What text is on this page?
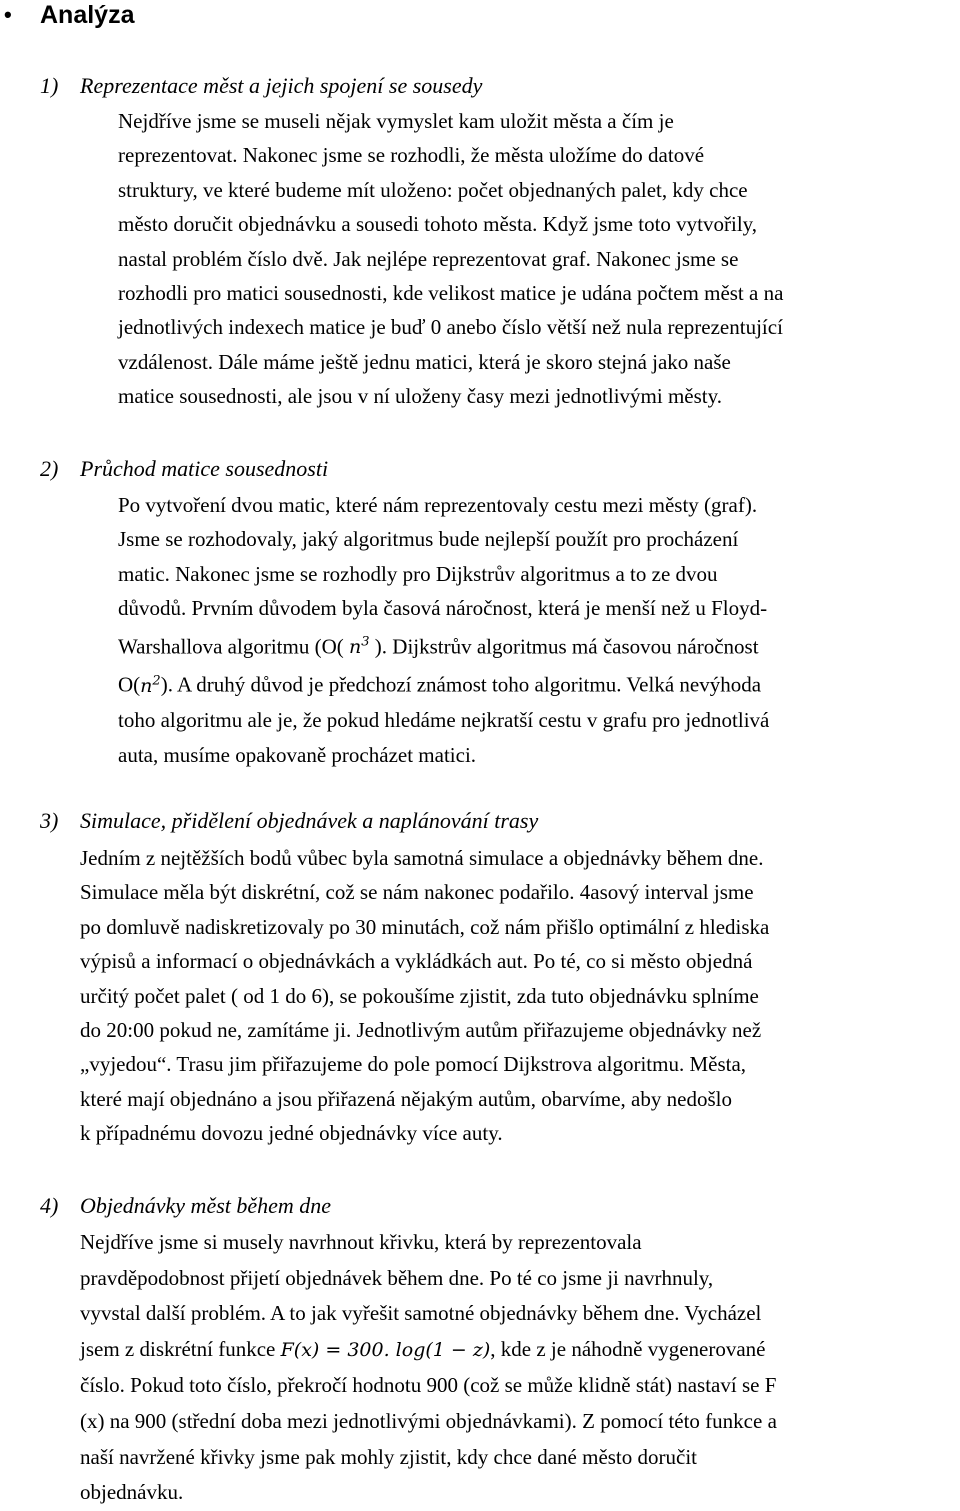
• Analýza
1) Reprezentace měst a jejich spojení se sousedy
Nejdříve jsme se museli nějak vymyslet kam uložit města a čím je
reprezentovat. Nakonec jsme se rozhodli, že města uložíme do datové
struktury, ve které budeme mít uloženo: počet objednaných palet, kdy chce
město doručit objednávku a sousedi tohoto města. Když jsme toto vytvořily,
nastal problém číslo dvě. Jak nejlépe reprezentovat graf. Nakonec jsme se
rozhodli pro matici sousednosti, kde velikost matice je udána počtem měst a na
jednotlivých indexech matice je buď 0 anebo číslo větší než nula reprezentující
vzdálenost. Dále máme ještě jednu matici, která je skoro stejná jako naše
matice sousednosti, ale jsou v ní uloženy časy mezi jednotlivými městy.
2) Průchod matice sousednosti
Po vytvoření dvou matic, které nám reprezentovaly cestu mezi městy (graf).
Jsme se rozhodovaly, jaký algoritmus bude nejlepší použít pro procházení
matic. Nakonec jsme se rozhodly pro Dijkstrův algoritmus a to ze dvou
důvodů. Prvním důvodem byla časová náročnost, která je menší než u Floyd-
Warshallova algoritmu (O( $n^3$ ). Dijkstrův algoritmus má časovou náročnost
$O(n^2)$. A druhý důvod je předchozí známost toho algoritmu. Velká nevýhoda
toho algoritmu ale je, že pokud hledáme nejkratší cestu v grafu pro jednotlivá
auta, musíme opakovaně procházet matici.
3) Simulace, přidělení objednávek a naplánování trasy
Jedním z nejtěžších bodů vůbec byla samotná simulace a objednávky během dne.
Simulace měla být diskrétní, což se nám nakonec podařilo. 4asový interval jsme
po domluvě nadiskretizovaly po 30 minutách, což nám přišlo optimální z hlediska
výpisů a informací o objednávkách a vykládkách aut. Po té, co si město objedná
určitý počet palet ( od 1 do 6), se pokoušíme zjistit, zda tuto objednávku splníme
do 20:00 pokud ne, zamítáme ji. Jednotlivým autům přiřazujeme objednávky než
„vyjedou“. Trasu jim přiřazujeme do pole pomocí Dijkstrova algoritmu. Města,
které mají objednáno a jsou přiřazená nějakým autům, obarvíme, aby nedošlo
k případnému dovozu jedné objednávky více auty.
4) Objednávky měst během dne
Nejdříve jsme si musely navrhnout křivku, která by reprezentovala
pravděpodobnost přijetí objednávek během dne. Po té co jsme ji navrhnuly,
vyvstal další problém. A to jak vyřešit samotné objednávky během dne. Vycházel
jsem z diskrétní funkce F(x) = 300. log(1 − z), kde z je náhodně vygenerované
číslo. Pokud toto číslo, překročí hodnotu 900 (což se může klidně stát) nastaví se F
(x) na 900 (střední doba mezi jednotlivými objednávkami). Z pomocí této funkce a
naší navržené křivky jsme pak mohly zjistit, kdy chce dané město doručit
objednávku.
